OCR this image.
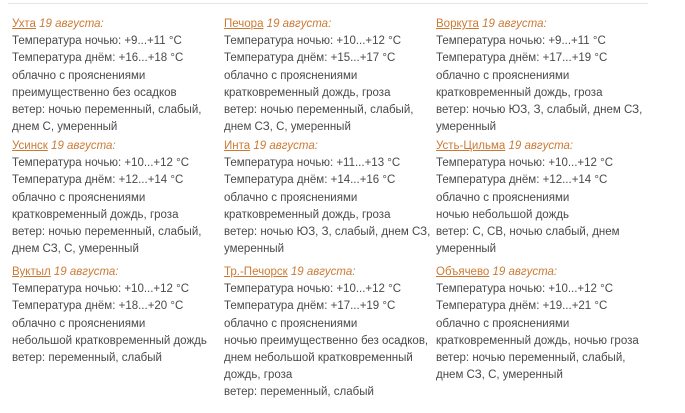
Ухта 19 августа:
Температура ночью: +9...+11 °C
Температура днём: +16...+18 °C
облачно с прояснениями
преимущественно без осадков
ветер: ночью переменный, слабый,
днем С, умеренный
Печора 19 августа:
Температура ночью: +10...+12 °C
Температура днём: +15...+17 °C
облачно с прояснениями
кратковременный дождь, гроза
ветер: ночью переменный, слабый,
днем СЗ, С, умеренный
Воркута 19 августа:
Температура ночью: +9...+11 °C
Температура днём: +17...+19 °C
облачно с прояснениями
кратковременный дождь, гроза
ветер: ночью ЮЗ, З, слабый, днем СЗ,
умеренный
Усинск 19 августа:
Температура ночью: +10...+12 °C
Температура днём: +12...+14 °C
облачно с прояснениями
кратковременный дождь, гроза
ветер: ночью переменный, слабый,
днем СЗ, С, умеренный
Инта 19 августа:
Температура ночью: +11...+13 °C
Температура днём: +14...+16 °C
облачно с прояснениями
кратковременный дождь, гроза
ветер: ночью ЮЗ, З, слабый, днем СЗ,
умеренный
Усть-Цильма 19 августа:
Температура ночью: +10...+12 °C
Температура днём: +12...+14 °C
облачно с прояснениями
ночью небольшой дождь
ветер: С, СВ, ночью слабый, днем
умеренный
Вуктыл 19 августа:
Температура ночью: +10...+12 °C
Температура днём: +18...+20 °C
облачно с прояснениями
небольшой кратковременный дождь
ветер: переменный, слабый
Тр.-Печорск 19 августа:
Температура ночью: +10...+12 °C
Температура днём: +17...+19 °C
облачно с прояснениями
ночью преимущественно без осадков,
днем небольшой кратковременный
дождь, гроза
ветер: переменный, слабый
Объячево 19 августа:
Температура ночью: +10...+12 °C
Температура днём: +19...+21 °C
облачно с прояснениями
кратковременный дождь, ночью гроза
ветер: ночью переменный, слабый,
днем СЗ, С, умеренный
